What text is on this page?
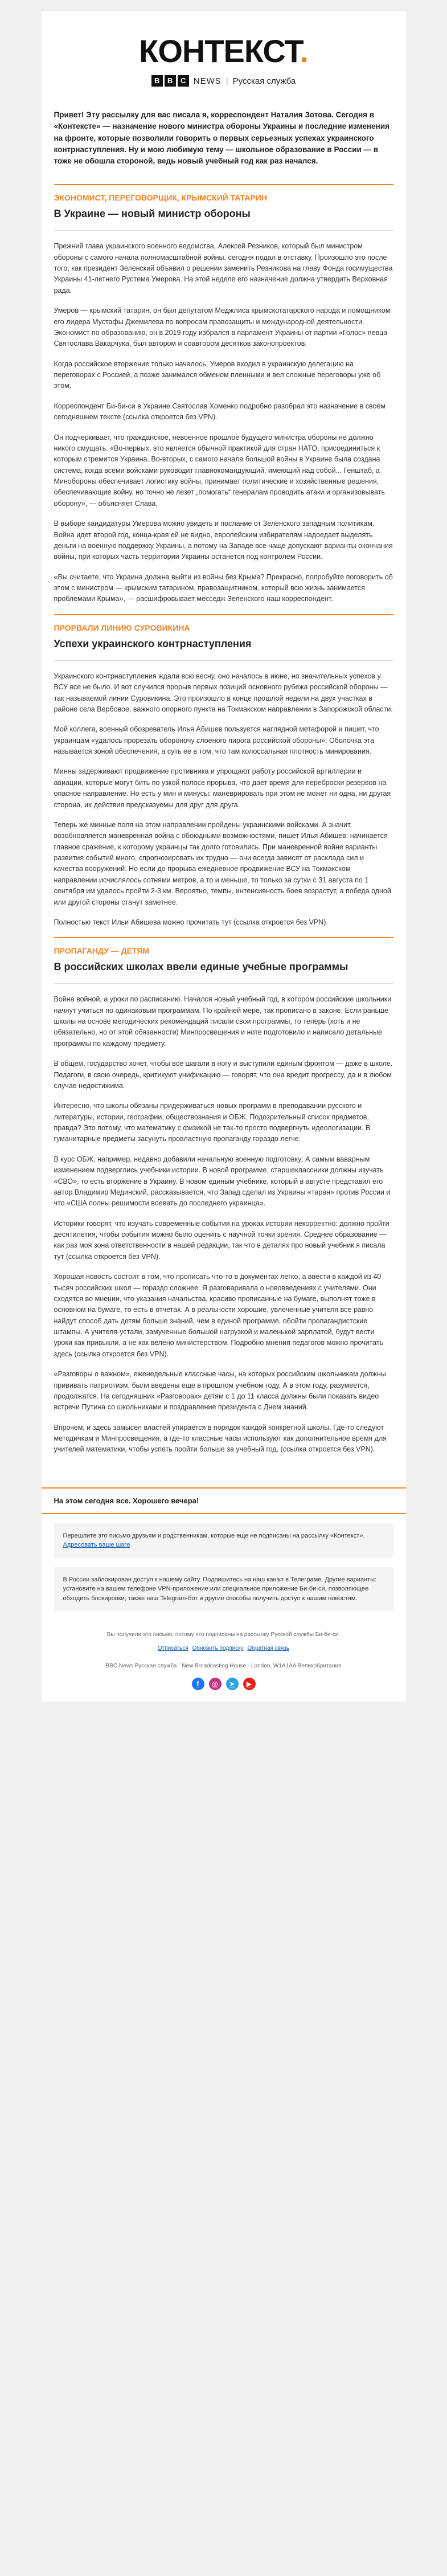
КОНТЕКСТ.
B	B	C NEWS | Русская служба
Привет! Эту рассылку для вас писала я, корреспондент Наталия Зотова. Сегодня в «Контексте» — назначение нового министра обороны Украины и последние изменения на фронте, которые позволили говорить о первых серьезных успехах украинского контрнаступления. Ну и мою любимую тему — школьное образование в России — в тоже не обошла стороной, ведь новый учебный год как раз начался.
ЭКОНОМИСТ, ПЕРЕГОВОРЩИК, КРЫМСКИЙ ТАТАРИН
В Украине — новый министр обороны

Прежний глава украинского военного ведомства, Алексей Резников, который был министром обороны с самого начала полномасштабной войны, сегодня подал в отставку. Произошло это после того, как президент Зеленский объявил о решении заменить Резникова на главу Фонда госимущества Украины 41-летнего Рустема Умерова. На этой неделе его назначение должна утвердить Верховная рада.

Умеров — крымский татарин, он был депутатом Меджлиса крымскотатарского народа и помощником его лидера Мустафы Джемилева по вопросам правозащиты и международной деятельности. Экономист по образованию, он в 2019 году избрался в парламент Украины от партии «Голос» певца Святослава Вакарчука, был автором и соавтором десятков законопроектов.

Когда российское вторжение только началось, Умеров входил в украинскую делегацию на переговорах с Россией, а позже занимался обменом пленными и вел сложные переговоры уже об этом.

Корреспондент Би-би-си в Украине Святослав Хоменко подробно разобрал это назначение в своем сегодняшнем тексте (ссылка откроется без VPN).

Он подчеркивает, что гражданское, невоенное прошлое будущего министра обороны не должно никого смущать. «Во-первых, это является обычной практикой для стран НАТО, присоединиться к которым стремится Украина. Во-вторых, с самого начала большой войны в Украине была создана система, когда всеми войсками руководит главнокомандующий, имеющий над собой... Генштаб, а Минобороны обеспечивает логистику войны, принимает политические и хозяйственные решения, обеспечивающие войну, но точно не лезет „помогать“ генералам проводить атаки и организовывать оборону», — объясняет Слава.

В выборе кандидатуры Умерова можно увидеть и послание от Зеленского западным политикам. Война идет второй год, конца-края ей не видно, европейским избирателям надоедает выделять деньги на военную поддержку Украины, а потому на Западе все чаще допускают варианты окончания войны, при которых часть территории Украины останется под контролем России.

«Вы считаете, что Украина должна выйти из войны без Крыма? Прекрасно, попробуйте поговорить об этом с министром — крымским татарином, правозащитником, который всю жизнь занимается проблемами Крыма», — расшифровывает месседж Зеленского наш корреспондент.

ПРОРВАЛИ ЛИНИЮ СУРОВИКИНА
Успехи украинского контрнаступления

Украинского контрнаступления ждали всю весну, оно началось в июне, но значительных успехов у ВСУ все не было. И вот случился прорыв первых позиций основного рубежа российской обороны — так называемой линии Суровикина. Это произошло в конце прошлой недели на двух участках в районе села Вербовое, важного опорного пункта на Токмакском направлении в Запорожской области.

Мой коллега, военный обозреватель Илья Абишев пользуется наглядной метафорой и пишет, что украинцам «удалось прорезать обороночу слоеного пирога российской обороны». Оболочка эта называется зоной обеспечения, а суть ее в том, что там колоссальная плотность минирования.

Минны задерживают продвижение противника и упрощают работу российской артиллерии и авиации, которые могут бить по узкой полосе прорыва, что дает время для переброски резервов на опасное направление. Но есть у мин и минусы: маневрировать при этом не может ни одна, ни другая сторона, их действия предсказуемы для друг для друга.

Теперь же минные поля на этом направлении пройдены украинскими войсками. А значит, возобновляется маневренная война с обоюдными возможностями, пишет Илья Абишев: начинается главное сражение, к которому украинцы так долго готовились. При маневренной войне варианты развития событий много, спрогнозировать их трудно — они всегда зависят от расклада сил и качества вооружений. Но если до прорыва ежедневное продвижение ВСУ на Токмакском направлении исчислялось сотнями метров, а то и меньше, то только за сутки с 31 августа по 1 сентября им удалось пройти 2-3 км. Вероятно, темпы, интенсивность боев возрастут, а победа одной или другой стороны станут заметнее.

Полностью текст Ильи Абишева можно прочитать тут (ссылка откроется без VPN).

ПРОПАГАНДУ — ДЕТЯМ
В российских школах ввели единые учебные программы

Война войной, а уроки по расписанию. Начался новый учебный год, в котором российские школьники начнут учиться по одинаковым программам. По крайней мере, так прописано в законе. Если раньше школы на основе методических рекомендаций писали свои программы, то теперь (хоть и не обязательно, но от этой обязанности) Минпросвещения и ноте подготовило и написало детальные программы по каждому предмету.

В общем, государство хочет, чтобы все шагали в ногу и выступили единым фронтом — даже в школе. Педагоги, в свою очередь, критикуют унификацию — говорят, что она вредит прогрессу, да и в любом случае недостижима.

Интересно, что школы обязаны придерживаться новых программ в преподавании русского и литературы, истории, географии, обществознания и ОБЖ. Подозрительный список предметов, правда? Это потому, что математику с физикой не так-то просто подвергнуть идеологизации. В гуманитарные предметы засунуть провластную пропаганду гораздо легче.

В курс ОБЖ, например, недавно добавили начальную военную подготовку: А самым ваварным изменением подверглись учебники истории. В новой программе, старшеклассники должны изучать «СВО», то есть вторжение в Украину. В новом единым учебнике, который в августе представил его автор Владимир Мединский, рассказывается, что Запад сделал из Украины «таран» против России и что «США полны решимости воевать до последнего украинца».

Историки говорят, что изучать современные события на уроках истории некорректно: должно пройти десятилетия, чтобы события можно было оценить с научной точки зрения. Среднее образование — как раз моя зона ответственности в нашей редакции, так что в деталях про новый учебник я писала тут (ссылка откроется без VPN).

Хорошая новость состоит в том, что прописать что-то в документах легко, а ввести в каждой из 40 тысяч российских школ — гораздо сложнее. Я разговаривала о нововведениях с учителями. Они сходятся во мнении, что указания начальства, красиво прописанные на бумаге, выполнят тоже в основном на бумаге, то есть в отчетах. А в реальности хорошие, увлеченные учителя все равно найдут способ дать детям больше знаний, чем в единой программе, обойти пропагандистские штампы. А учителя-устали, замученные большой нагрузкой и маленькой зарплатой, будут вести уроки как привыкли, а не как велено министерством. Подробно мнения педагогов можно прочитать здесь (ссылка откроется без VPN).

«Разговоры о важном», еженедельные классные часы, на которых российским школьникам должны прививать патриотизм, были введены еще в прошлом учебном году. А в этом году, разумеется, продолжатся. На сегодняшних «Разговорах» детям с 1 до 11 класса должны были показать видео встречи Путина со школьниками и поздравление президента с Днем знаний.

Впрочем, и здесь замысел властей упирается в порядок каждой конкретной школы. Где-то следуют методичкам и Минпросвещения, а где-то классные часы используют как дополнительное время для учителей математики, чтобы успеть пройти больше за учебный год. (ссылка откроется без VPN).

На этом сегодня все. Хорошего вечера!
Перешлите это письмо друзьям и родственникам, которые еще не подписаны на рассылку «Контекст». Адресовать ваше шаге
В России заблокирован доступ к нашему сайту. Подпишитесь на наш канал в Телеграме. Другие варианты: установите на вашем телефоне VPN-приложение или специальное приложение Би-би-си, позволяющее обходить блокировки, также наш Telegram-бот и другие способы получить доступ к нашим новостям.
Вы получили это письмо, потому что подписаны на рассылку Русской службы Би-би-си.
Отписаться Обновить подписку Обратная связь
BBC News Русская служба · New Broadcasting House · London, W1A1AA Великобритания
f	◎	➤	▶
